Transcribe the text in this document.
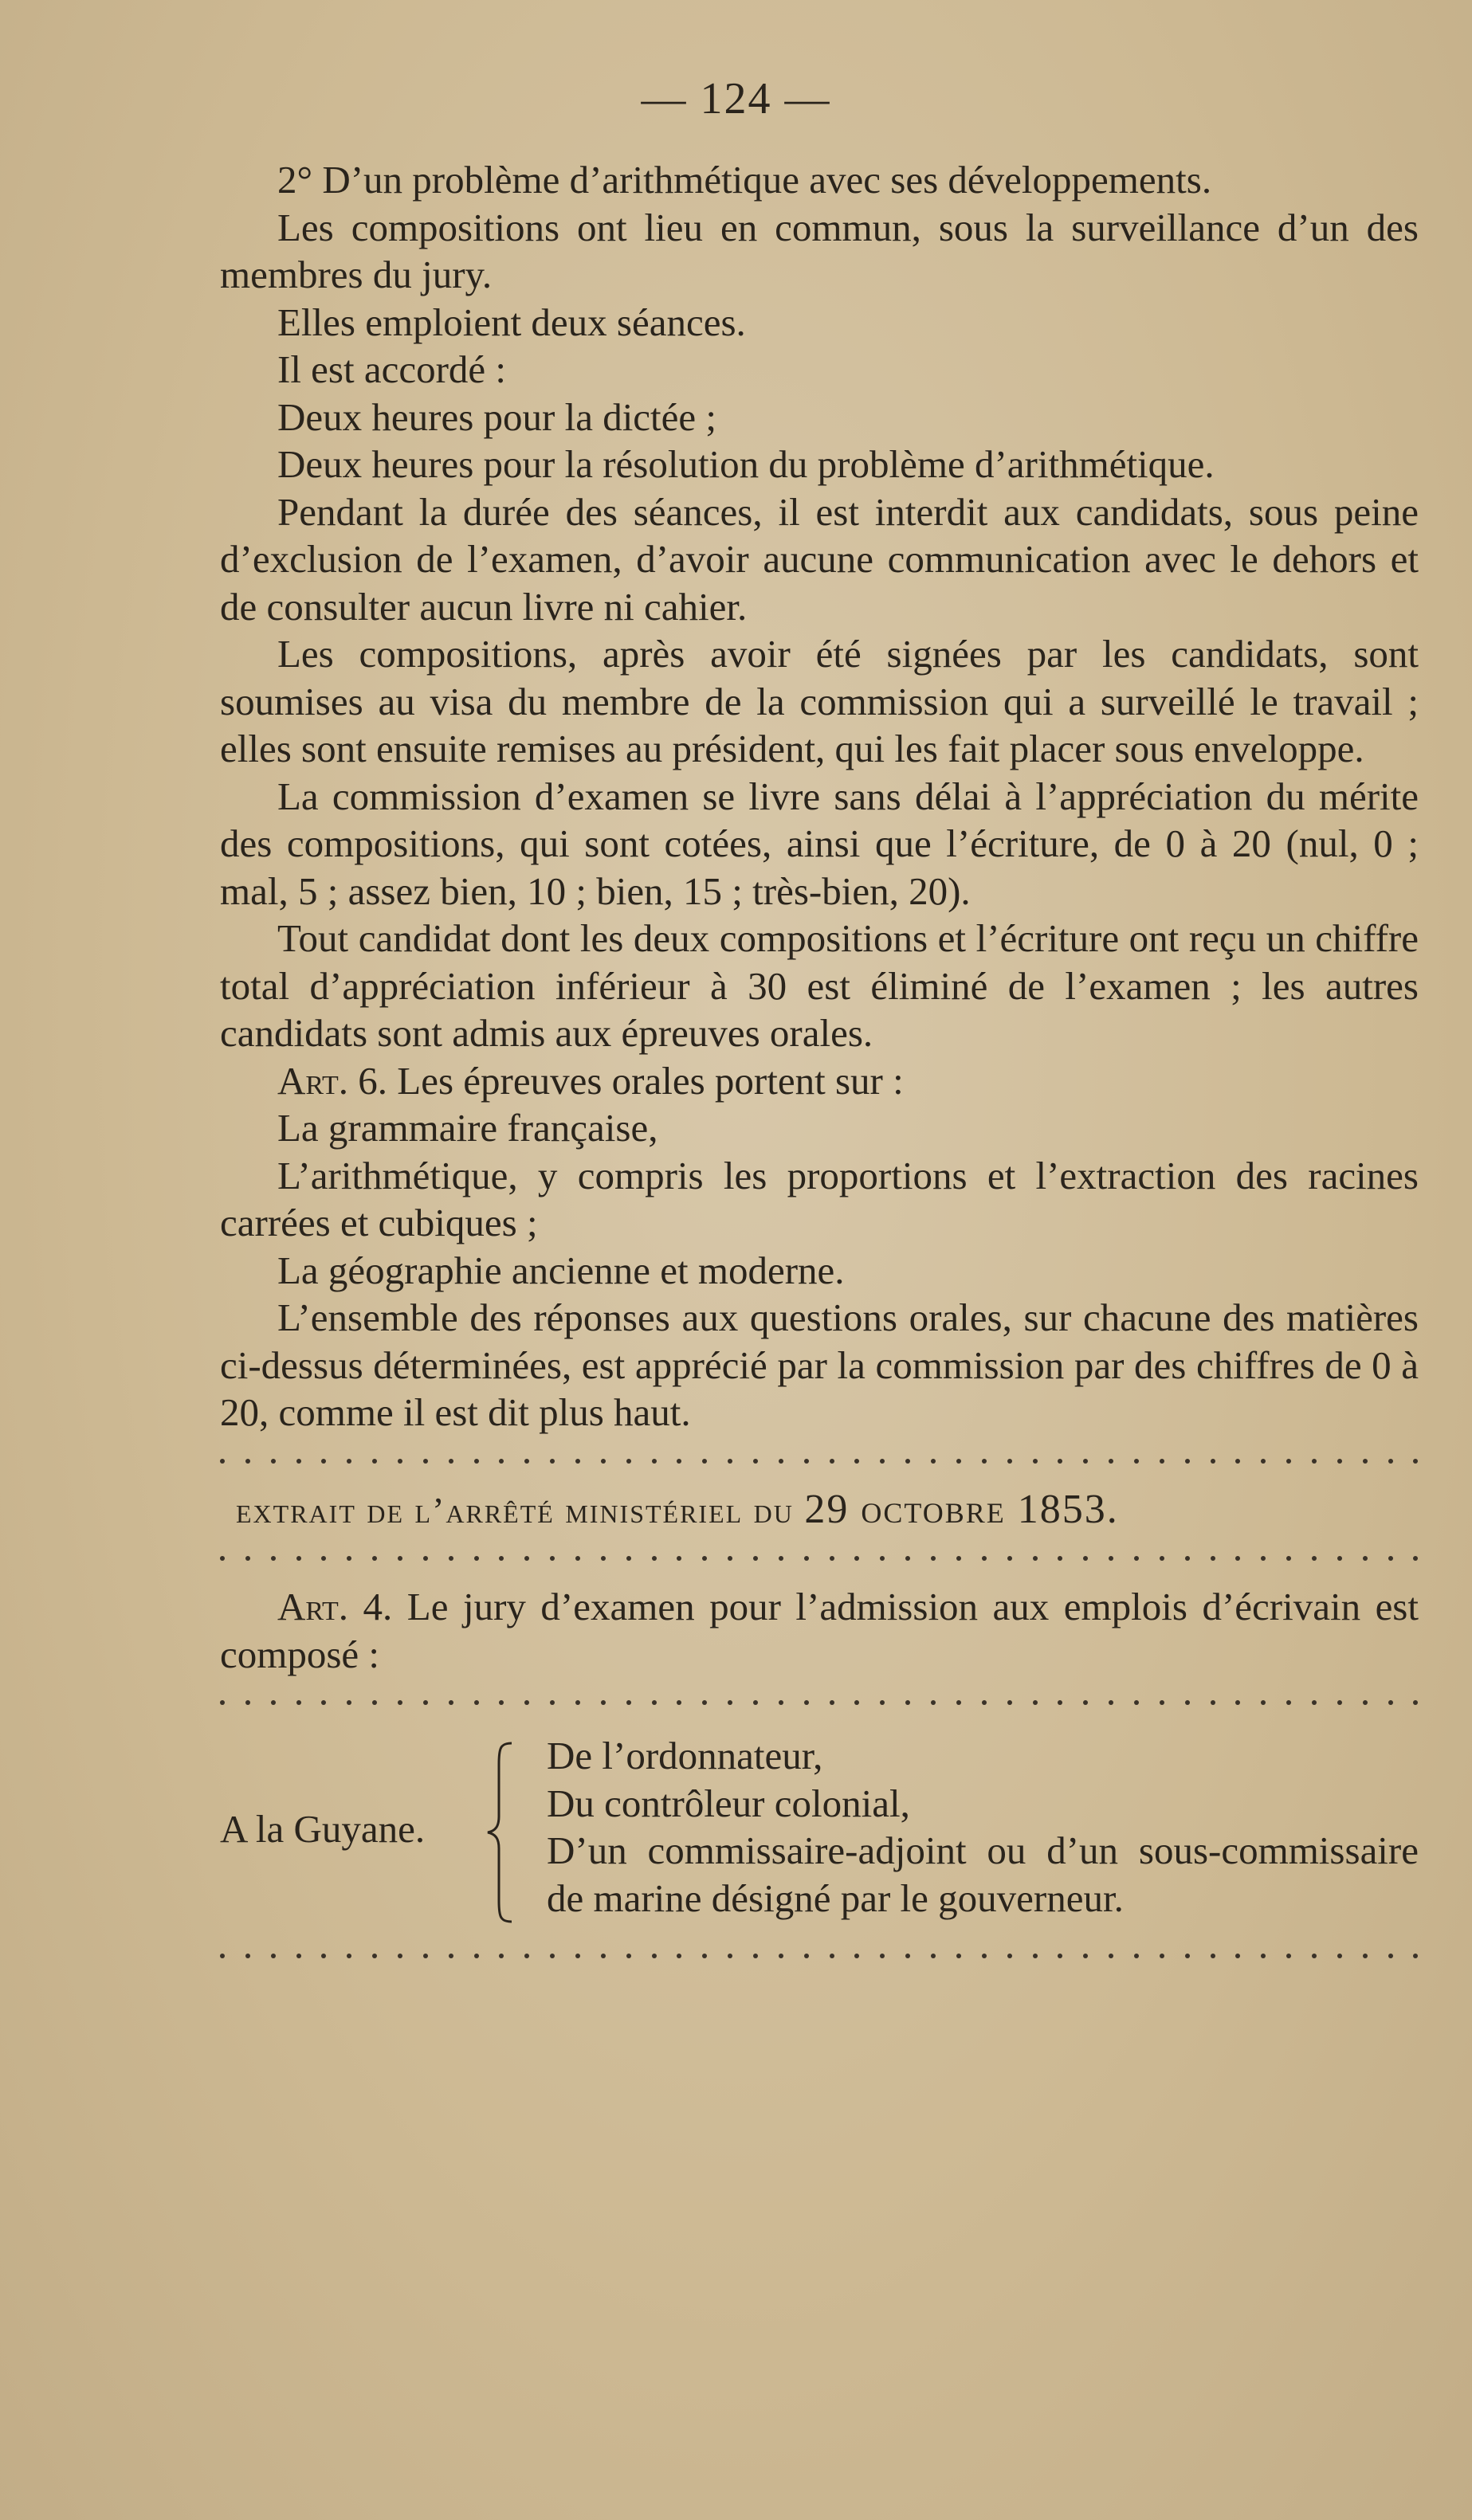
— 124 —

2° D’un problème d’arithmétique avec ses développements.

Les compositions ont lieu en commun, sous la surveillance d’un des membres du jury.

Elles emploient deux séances.

Il est accordé :

Deux heures pour la dictée ;

Deux heures pour la résolution du problème d’arithmétique.

Pendant la durée des séances, il est interdit aux candidats, sous peine d’exclusion de l’examen, d’avoir aucune communication avec le dehors et de consulter aucun livre ni cahier.

Les compositions, après avoir été signées par les candidats, sont soumises au visa du membre de la commission qui a surveillé le travail ; elles sont ensuite remises au président, qui les fait placer sous enveloppe.

La commission d’examen se livre sans délai à l’appréciation du mérite des compositions, qui sont cotées, ainsi que l’écriture, de 0 à 20 (nul, 0 ; mal, 5 ; assez bien, 10 ; bien, 15 ; très-bien, 20).

Tout candidat dont les deux compositions et l’écriture ont reçu un chiffre total d’appréciation inférieur à 30 est éliminé de l’examen ; les autres candidats sont admis aux épreuves orales.

Art. 6. Les épreuves orales portent sur :

La grammaire française,

L’arithmétique, y compris les proportions et l’extraction des racines carrées et cubiques ;

La géographie ancienne et moderne.

L’ensemble des réponses aux questions orales, sur chacune des matières ci-dessus déterminées, est apprécié par la commission par des chiffres de 0 à 20, comme il est dit plus haut.

extrait de l’arrêté ministériel du 29 octobre 1853.

Art. 4. Le jury d’examen pour l’admission aux emplois d’écrivain est composé :

A la Guyane.

De l’ordonnateur,

Du contrôleur colonial,

D’un commissaire-adjoint ou d’un sous-commissaire de marine désigné par le gouverneur.
